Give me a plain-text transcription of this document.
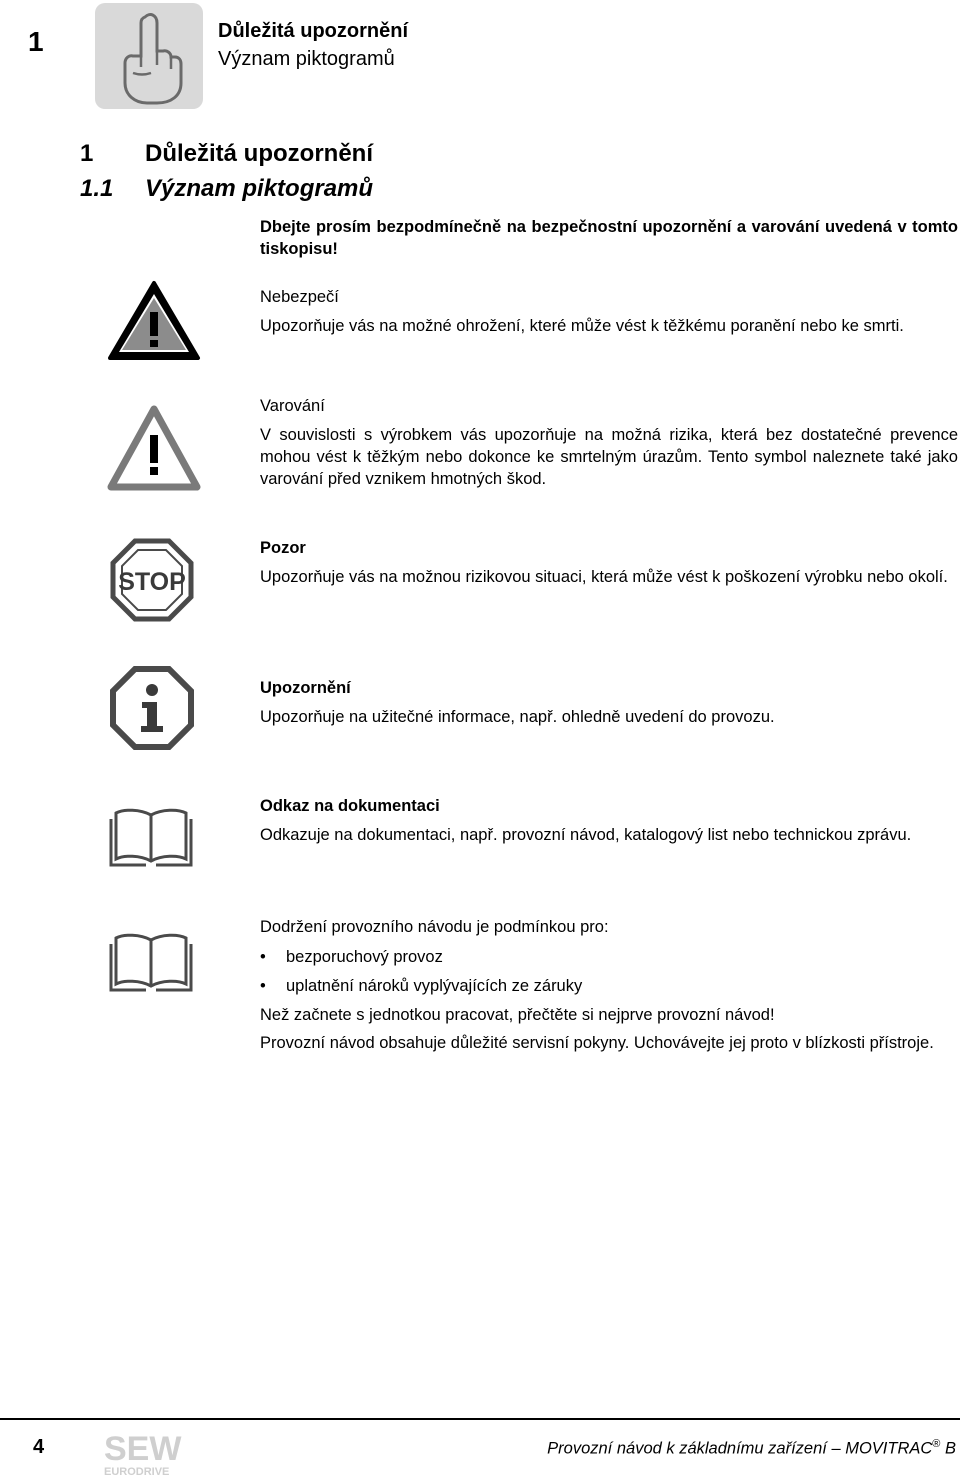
1	Důležitá upozornění
Význam piktogramů
1 Důležitá upozornění
1.1 Význam piktogramů
Dbejte prosím bezpodmínečně na bezpečnostní upozornění a varování uvedená v tomto tiskopisu!
Nebezpečí
Upozorňuje vás na možné ohrožení, které může vést k těžkému poranění nebo ke smrti.
Varování
V souvislosti s výrobkem vás upozorňuje na možná rizika, která bez dostatečné prevence mohou vést k těžkým nebo dokonce ke smrtelným úrazům. Tento symbol naleznete také jako varování před vznikem hmotných škod.
STOP
Pozor
Upozorňuje vás na možnou rizikovou situaci, která může vést k poškození výrobku nebo okolí.
Upozornění
Upozorňuje na užitečné informace, např. ohledně uvedení do provozu.
Odkaz na dokumentaci
Odkazuje na dokumentaci, např. provozní návod, katalogový list nebo technickou zprávu.
Dodržení provozního návodu je podmínkou pro:
• bezporuchový provoz
• uplatnění nároků vyplývajících ze záruky
Než začnete s jednotkou pracovat, přečtěte si nejprve provozní návod!
Provozní návod obsahuje důležité servisní pokyny. Uchovávejte jej proto v blízkosti přístroje.
4 SEW
EURODRIVE
Provozní návod k základnímu zařízení – MOVITRAC® B
